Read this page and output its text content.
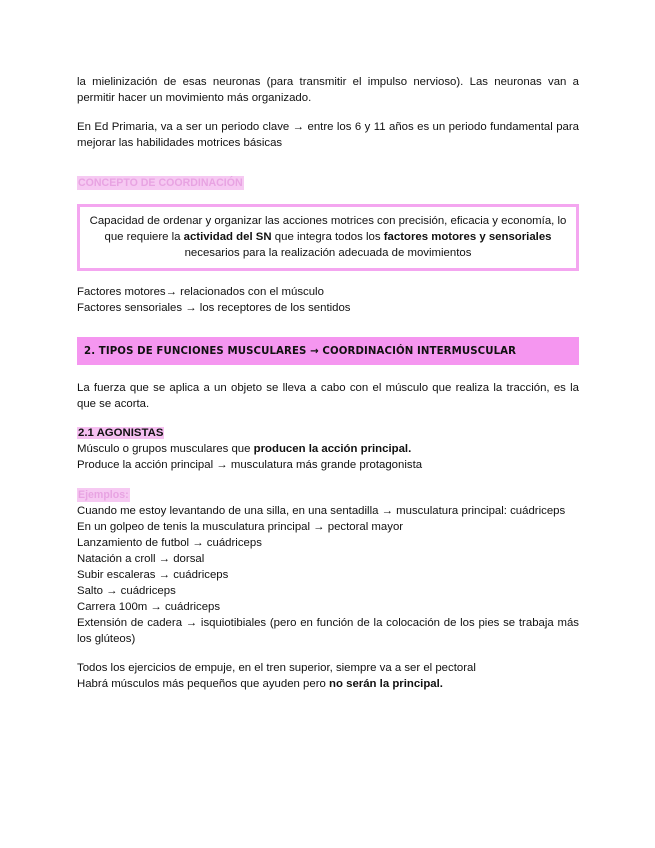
la mielinización de esas neuronas (para transmitir el impulso nervioso). Las neuronas van a permitir hacer un movimiento más organizado.

En Ed Primaria, va a ser un periodo clave → entre los 6 y 11 años es un periodo fundamental para mejorar las habilidades motrices básicas

CONCEPTO DE COORDINACIÓN

Capacidad de ordenar y organizar las acciones motrices con precisión, eficacia y economía, lo que requiere la actividad del SN que integra todos los factores motores y sensoriales necesarios para la realización adecuada de movimientos

Factores motores→ relacionados con el músculo

Factores sensoriales → los receptores de los sentidos

2. TIPOS DE FUNCIONES MUSCULARES → COORDINACIÓN INTERMUSCULAR

La fuerza que se aplica a un objeto se lleva a cabo con el músculo que realiza la tracción, es la que se acorta.

2.1 AGONISTAS

Músculo o grupos musculares que producen la acción principal.

Produce la acción principal → musculatura más grande protagonista

Ejemplos:

Cuando me estoy levantando de una silla, en una sentadilla → musculatura principal: cuádriceps

En un golpeo de tenis la musculatura principal → pectoral mayor

Lanzamiento de futbol → cuádriceps

Natación a croll → dorsal

Subir escaleras → cuádriceps

Salto → cuádriceps

Carrera 100m → cuádriceps

Extensión de cadera → isquiotibiales (pero en función de la colocación de los pies se trabaja más los glúteos)

Todos los ejercicios de empuje, en el tren superior, siempre va a ser el pectoral

Habrá músculos más pequeños que ayuden pero no serán la principal.
